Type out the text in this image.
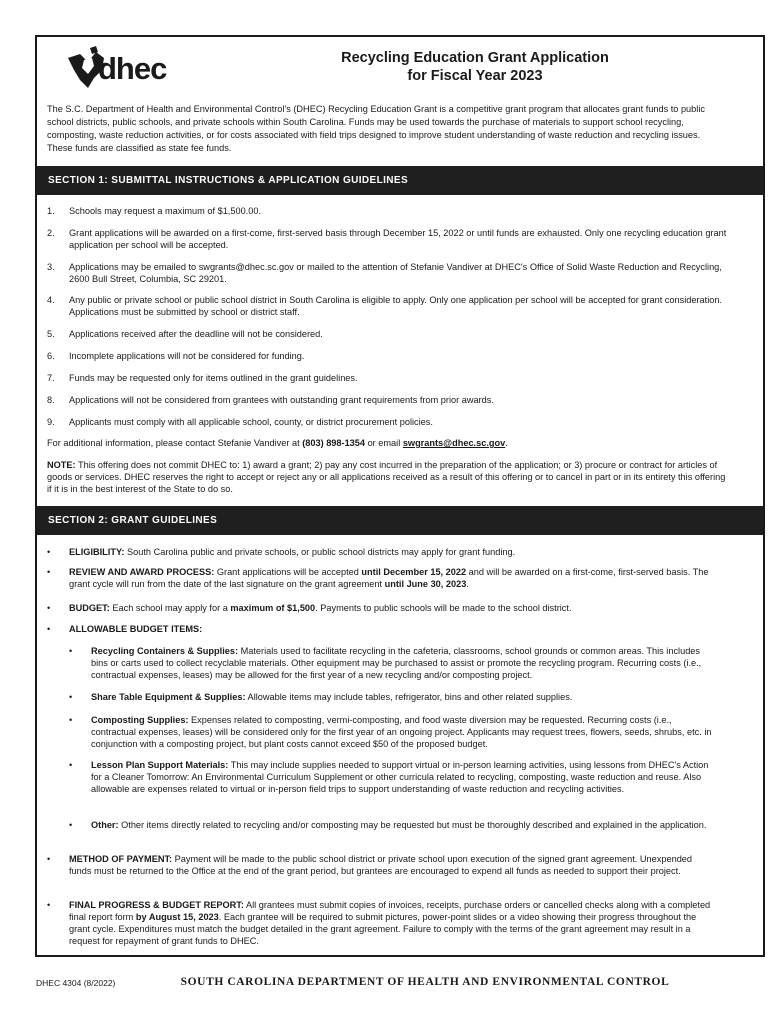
dhec	Recycling Education Grant Application
for Fiscal Year 2023
The S.C. Department of Health and Environmental Control's (DHEC) Recycling Education Grant is a competitive grant program that allocates grant funds to public school districts, public schools, and private schools within South Carolina. Funds may be used towards the purchase of materials to support school recycling, composting, waste reduction activities, or for costs associated with field trips designed to improve student understanding of waste reduction and recycling issues. These funds are classified as state fee funds.
SECTION 1: SUBMITTAL INSTRUCTIONS & APPLICATION GUIDELINES
1. Schools may request a maximum of $1,500.00.
2. Grant applications will be awarded on a first-come, first-served basis through December 15, 2022 or until funds are exhausted. Only one recycling education grant application per school will be accepted.
3. Applications may be emailed to swgrants@dhec.sc.gov or mailed to the attention of Stefanie Vandiver at DHEC's Office of Solid Waste Reduction and Recycling, 2600 Bull Street, Columbia, SC 29201.
4. Any public or private school or public school district in South Carolina is eligible to apply. Only one application per school will be accepted for grant consideration. Applications must be submitted by school or district staff.
5. Applications received after the deadline will not be considered.
6. Incomplete applications will not be considered for funding.
7. Funds may be requested only for items outlined in the grant guidelines.
8. Applications will not be considered from grantees with outstanding grant requirements from prior awards.
9. Applicants must comply with all applicable school, county, or district procurement policies.
For additional information, please contact Stefanie Vandiver at (803) 898-1354 or email swgrants@dhec.sc.gov.
NOTE: This offering does not commit DHEC to: 1) award a grant; 2) pay any cost incurred in the preparation of the application; or 3) procure or contract for articles of goods or services. DHEC reserves the right to accept or reject any or all applications received as a result of this offering or to cancel in part or in its entirety this offering if it is in the best interest of the State to do so.
SECTION 2: GRANT GUIDELINES
• ELIGIBILITY: South Carolina public and private schools, or public school districts may apply for grant funding.
• REVIEW AND AWARD PROCESS: Grant applications will be accepted until December 15, 2022 and will be awarded on a first-come, first-served basis. The grant cycle will run from the date of the last signature on the grant agreement until June 30, 2023.
• BUDGET: Each school may apply for a maximum of $1,500. Payments to public schools will be made to the school district.
• ALLOWABLE BUDGET ITEMS:
• Recycling Containers & Supplies: Materials used to facilitate recycling in the cafeteria, classrooms, school grounds or common areas. This includes bins or carts used to collect recyclable materials. Other equipment may be purchased to assist or promote the recycling program. Recurring costs (i.e., contractual expenses, leases) may be allowed for the first year of a new recycling and/or composting project.
• Share Table Equipment & Supplies: Allowable items may include tables, refrigerator, bins and other related supplies.
• Composting Supplies: Expenses related to composting, vermi-composting, and food waste diversion may be requested. Recurring costs (i.e., contractual expenses, leases) will be considered only for the first year of an ongoing project. Applicants may request trees, flowers, seeds, shrubs, etc. in conjunction with a composting project, but plant costs cannot exceed $50 of the proposed budget.
• Lesson Plan Support Materials: This may include supplies needed to support virtual or in-person learning activities, using lessons from DHEC's Action for a Cleaner Tomorrow: An Environmental Curriculum Supplement or other curricula related to recycling, composting, waste reduction and reuse. Also allowable are expenses related to virtual or in-person field trips to support understanding of waste reduction and recycling activities.
• Other: Other items directly related to recycling and/or composting may be requested but must be thoroughly described and explained in the application.
• METHOD OF PAYMENT: Payment will be made to the public school district or private school upon execution of the signed grant agreement. Unexpended funds must be returned to the Office at the end of the grant period, but grantees are encouraged to expend all funds as needed to support their project.
• FINAL PROGRESS & BUDGET REPORT: All grantees must submit copies of invoices, receipts, purchase orders or cancelled checks along with a completed final report form by August 15, 2023. Each grantee will be required to submit pictures, power-point slides or a video showing their progress throughout the grant cycle. Expenditures must match the budget detailed in the grant agreement. Failure to comply with the terms of the grant agreement may result in a request for repayment of grant funds to DHEC.
DHEC 4304 (8/2022)	SOUTH CAROLINA DEPARTMENT OF HEALTH AND ENVIRONMENTAL CONTROL
